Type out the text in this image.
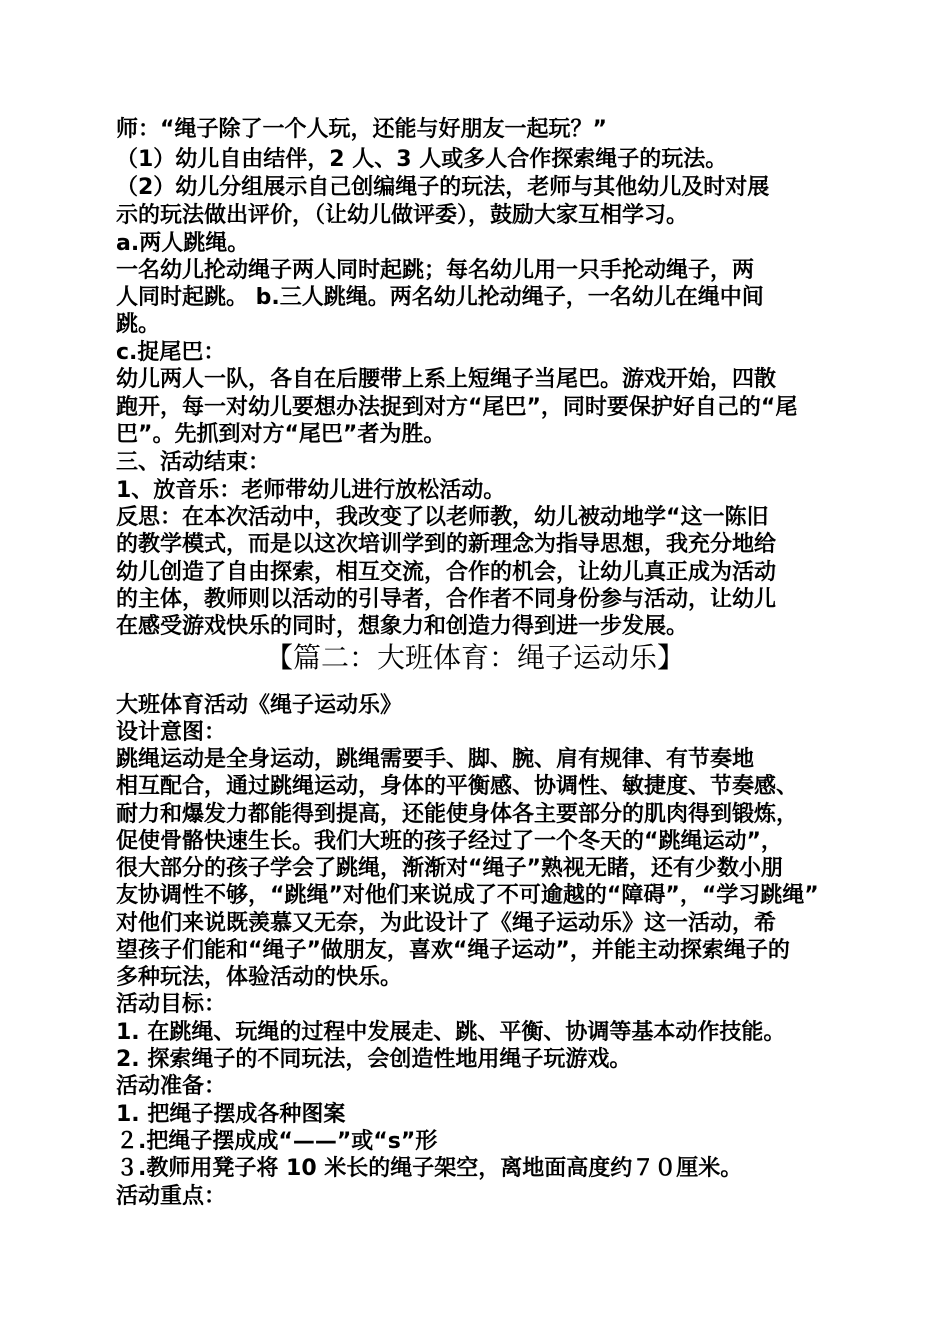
师：“绳子除了一个人玩，还能与好朋友一起玩？”
（1）幼儿自由结伴，2 人、3 人或多人合作探索绳子的玩法。
（2）幼儿分组展示自己创编绳子的玩法，老师与其他幼儿及时对展
示的玩法做出评价，（让幼儿做评委），鼓励大家互相学习。
a.两人跳绳。
一名幼儿抡动绳子两人同时起跳；每名幼儿用一只手抡动绳子，两
人同时起跳。 b.三人跳绳。两名幼儿抡动绳子，一名幼儿在绳中间
跳。
c.捉尾巴：
幼儿两人一队，各自在后腰带上系上短绳子当尾巴。游戏开始，四散
跑开，每一对幼儿要想办法捉到对方“尾巴”，同时要保护好自己的“尾
巴”。先抓到对方“尾巴”者为胜。
三、活动结束：
1、放音乐：老师带幼儿进行放松活动。
反思：在本次活动中，我改变了以老师教，幼儿被动地学“这一陈旧
的教学模式，而是以这次培训学到的新理念为指导思想，我充分地给
幼儿创造了自由探索，相互交流，合作的机会，让幼儿真正成为活动
的主体，教师则以活动的引导者，合作者不同身份参与活动，让幼儿
在感受游戏快乐的同时，想象力和创造力得到进一步发展。
【篇二：大班体育：绳子运动乐】
大班体育活动《绳子运动乐》
设计意图：
跳绳运动是全身运动，跳绳需要手、脚、腕、肩有规律、有节奏地
相互配合，通过跳绳运动，身体的平衡感、协调性、敏捷度、节奏感、
耐力和爆发力都能得到提高，还能使身体各主要部分的肌肉得到锻炼，
促使骨骼快速生长。我们大班的孩子经过了一个冬天的“跳绳运动”，
很大部分的孩子学会了跳绳，渐渐对“绳子”熟视无睹，还有少数小朋
友协调性不够，“跳绳”对他们来说成了不可逾越的“障碍”，“学习跳绳”
对他们来说既羡慕又无奈，为此设计了《绳子运动乐》这一活动，希
望孩子们能和“绳子”做朋友，喜欢“绳子运动”，并能主动探索绳子的
多种玩法，体验活动的快乐。
活动目标：
1. 在跳绳、玩绳的过程中发展走、跳、平衡、协调等基本动作技能。
2. 探索绳子的不同玩法，会创造性地用绳子玩游戏。
活动准备：
1. 把绳子摆成各种图案
２.把绳子摆成成“——”或“s”形
３.教师用凳子将 10 米长的绳子架空，离地面高度约７０厘米。
活动重点：
